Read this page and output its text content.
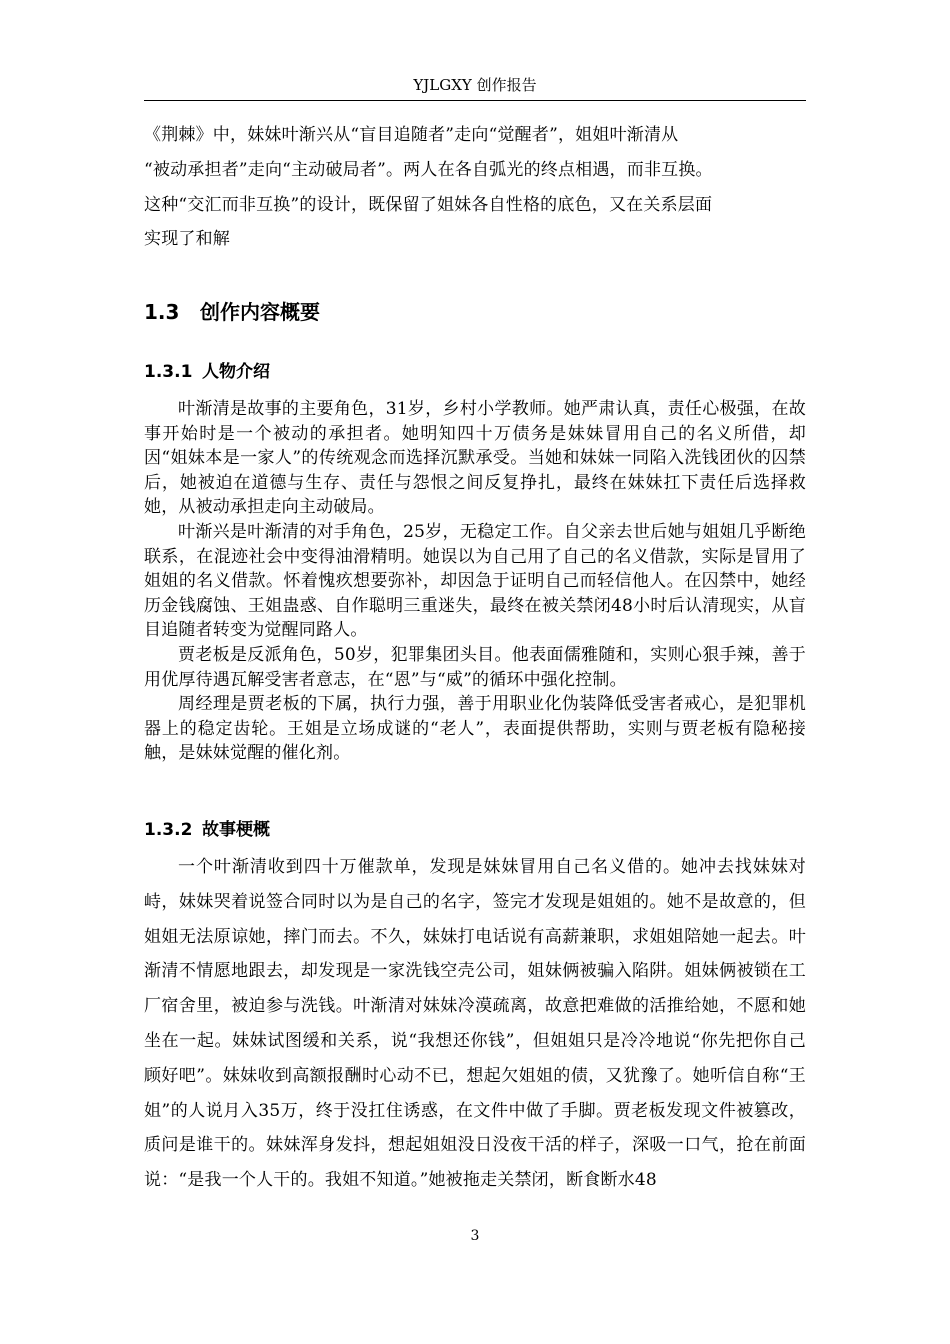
YJLGXY 创作报告
《荆棘》中，妹妹叶渐兴从“盲目追随者”走向“觉醒者”，姐姐叶渐清从
“被动承担者”走向“主动破局者”。两人在各自弧光的终点相遇，而非互换。
这种“交汇而非互换”的设计，既保留了姐妹各自性格的底色，又在关系层面
实现了和解
1.3 创作内容概要
1.3.1 人物介绍

叶渐清是故事的主要角色，31岁，乡村小学教师。她严肃认真，责任心极强，在故事开始时是一个被动的承担者。她明知四十万债务是妹妹冒用自己的名义所借，却因“姐妹本是一家人”的传统观念而选择沉默承受。当她和妹妹一同陷入洗钱团伙的囚禁后，她被迫在道德与生存、责任与怨恨之间反复挣扎，最终在妹妹扛下责任后选择救她，从被动承担走向主动破局。

叶渐兴是叶渐清的对手角色，25岁，无稳定工作。自父亲去世后她与姐姐几乎断绝联系，在混迹社会中变得油滑精明。她误以为自己用了自己的名义借款，实际是冒用了姐姐的名义借款。怀着愧疚想要弥补，却因急于证明自己而轻信他人。在囚禁中，她经历金钱腐蚀、王姐蛊惑、自作聪明三重迷失，最终在被关禁闭48小时后认清现实，从盲目追随者转变为觉醒同路人。

贾老板是反派角色，50岁，犯罪集团头目。他表面儒雅随和，实则心狠手辣，善于用优厚待遇瓦解受害者意志，在“恩”与“威”的循环中强化控制。

周经理是贾老板的下属，执行力强，善于用职业化伪装降低受害者戒心，是犯罪机器上的稳定齿轮。王姐是立场成谜的“老人”，表面提供帮助，实则与贾老板有隐秘接触，是妹妹觉醒的催化剂。

1.3.2 故事梗概

一个叶渐清收到四十万催款单，发现是妹妹冒用自己名义借的。她冲去找妹妹对峙，妹妹哭着说签合同时以为是自己的名字，签完才发现是姐姐的。她不是故意的，但姐姐无法原谅她，摔门而去。不久，妹妹打电话说有高薪兼职，求姐姐陪她一起去。叶渐清不情愿地跟去，却发现是一家洗钱空壳公司，姐妹俩被骗入陷阱。姐妹俩被锁在工厂宿舍里，被迫参与洗钱。叶渐清对妹妹冷漠疏离，故意把难做的活推给她，不愿和她坐在一起。妹妹试图缓和关系，说“我想还你钱”，但姐姐只是冷冷地说“你先把你自己顾好吧”。妹妹收到高额报酬时心动不已，想起欠姐姐的债，又犹豫了。她听信自称“王姐”的人说月入35万，终于没扛住诱惑，在文件中做了手脚。贾老板发现文件被篡改，质问是谁干的。妹妹浑身发抖，想起姐姐没日没夜干活的样子，深吸一口气，抢在前面说：“是我一个人干的。我姐不知道。”她被拖走关禁闭，断食断水48

3
